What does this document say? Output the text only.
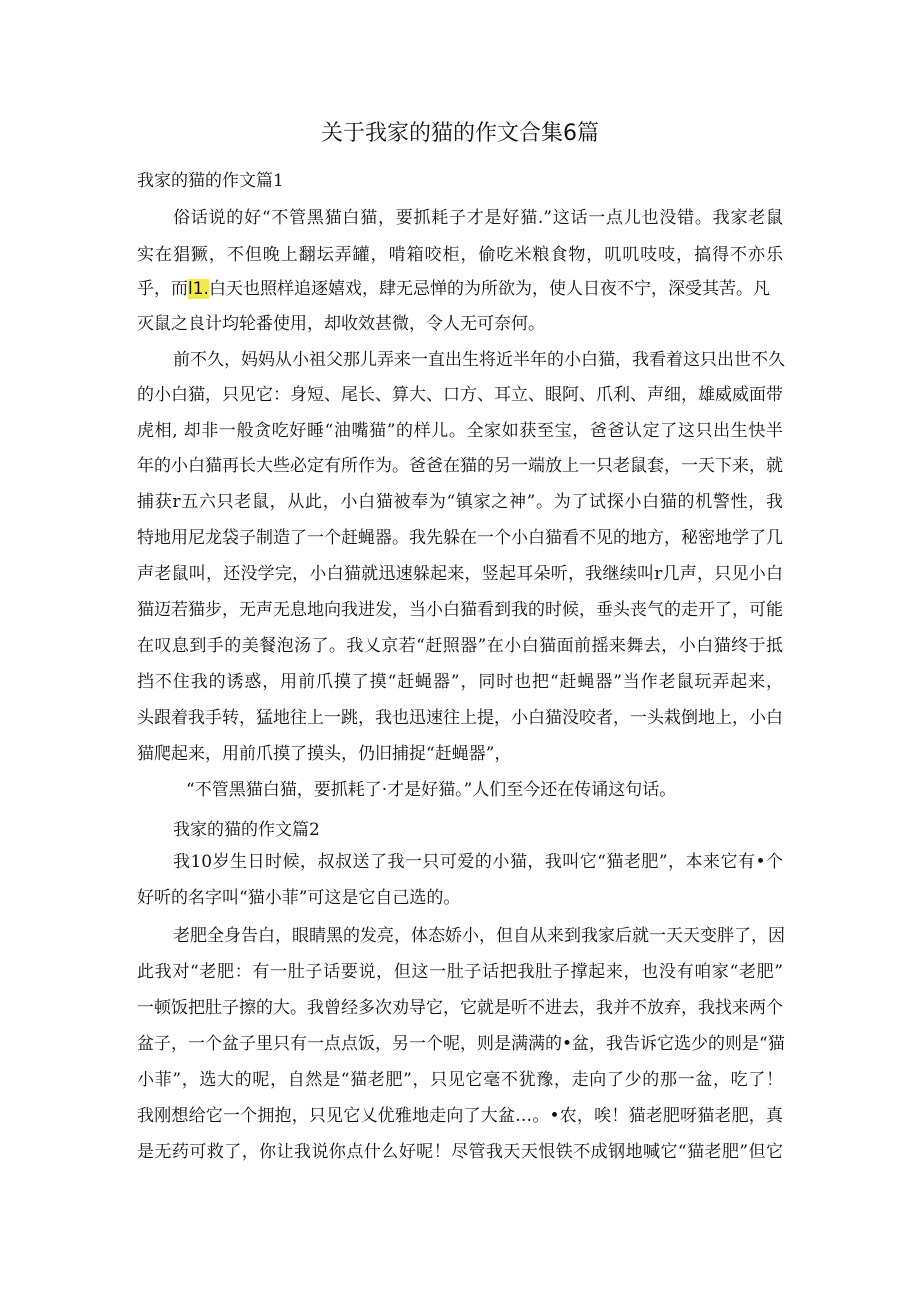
关于我家的猫的作文合集6篇
我家的猫的作文篇1
俗话说的好“不管黑猫白猫，要抓耗子才是好猫.”这话一点儿也没错。我家老鼠
实在猖獗，不但晚上翻坛弄罐，啃箱咬柜，偷吃米粮食物，叽叽吱吱，搞得不亦乐
乎，而l1.白天也照样追逐嬉戏，肆无忌惮的为所欲为，使人日夜不宁，深受其苦。凡
灭鼠之良计均轮番使用，却收效甚微，令人无可奈何。
前不久，妈妈从小祖父那儿弄来一直出生将近半年的小白猫，我看着这只出世不久
的小白猫，只见它：身短、尾长、算大、口方、耳立、眼阿、爪利、声细，雄威威面带
虎相, 却非一般贪吃好睡“油嘴猫”的样儿。全家如获至宝，爸爸认定了这只出生快半
年的小白猫再长大些必定有所作为。爸爸在猫的另一端放上一只老鼠套，一天下来，就
捕获r五六只老鼠，从此，小白猫被奉为“镇家之神”。为了试探小白猫的机警性，我
特地用尼龙袋子制造了一个赶蝇器。我先躲在一个小白猫看不见的地方，秘密地学了几
声老鼠叫，还没学完，小白猫就迅速躲起来，竖起耳朵听，我继续叫r几声，只见小白
猫迈若猫步，无声无息地向我进发，当小白猫看到我的时候，垂头丧气的走开了，可能
在叹息到手的美餐泡汤了。我乂京若“赶照器”在小白猫面前摇来舞去，小白猫终于抵
挡不住我的诱惑，用前爪摸了摸“赶蝇器”，同时也把“赶蝇器”当作老鼠玩弄起来，
头跟着我手转，猛地往上一跳，我也迅速往上提，小白猫没咬者，一头栽倒地上，小白
猫爬起来，用前爪摸了摸头，仍旧捕捉“赶蝇器”，
“不管黑猫白猫，要抓耗了·才是好猫。”人们至今还在传诵这句话。
我家的猫的作文篇2
我10岁生日时候，叔叔送了我一只可爱的小猫，我叫它“猫老肥”，本来它有•个
好听的名字叫“猫小菲”可这是它自己选的。
老肥全身告白，眼睛黑的发亮，体态娇小，但自从来到我家后就一天天变胖了，因
此我对“老肥：有一肚子话要说，但这一肚子话把我肚子撑起来，也没有咱家“老肥”
一顿饭把肚子擦的大。我曾经多次劝导它，它就是听不进去，我并不放弃，我找来两个
盆子，一个盆子里只有一点点饭，另一个呢，则是满满的•盆，我告诉它选少的则是“猫
小菲”，选大的呢，自然是“猫老肥”，只见它毫不犹豫，走向了少的那一盆，吃了！
我刚想给它一个拥抱，只见它乂优雅地走向了大盆…。•农，唉！猫老肥呀猫老肥，真
是无药可救了，你让我说你点什么好呢！尽管我天天恨铁不成钢地喊它“猫老肥”但它
